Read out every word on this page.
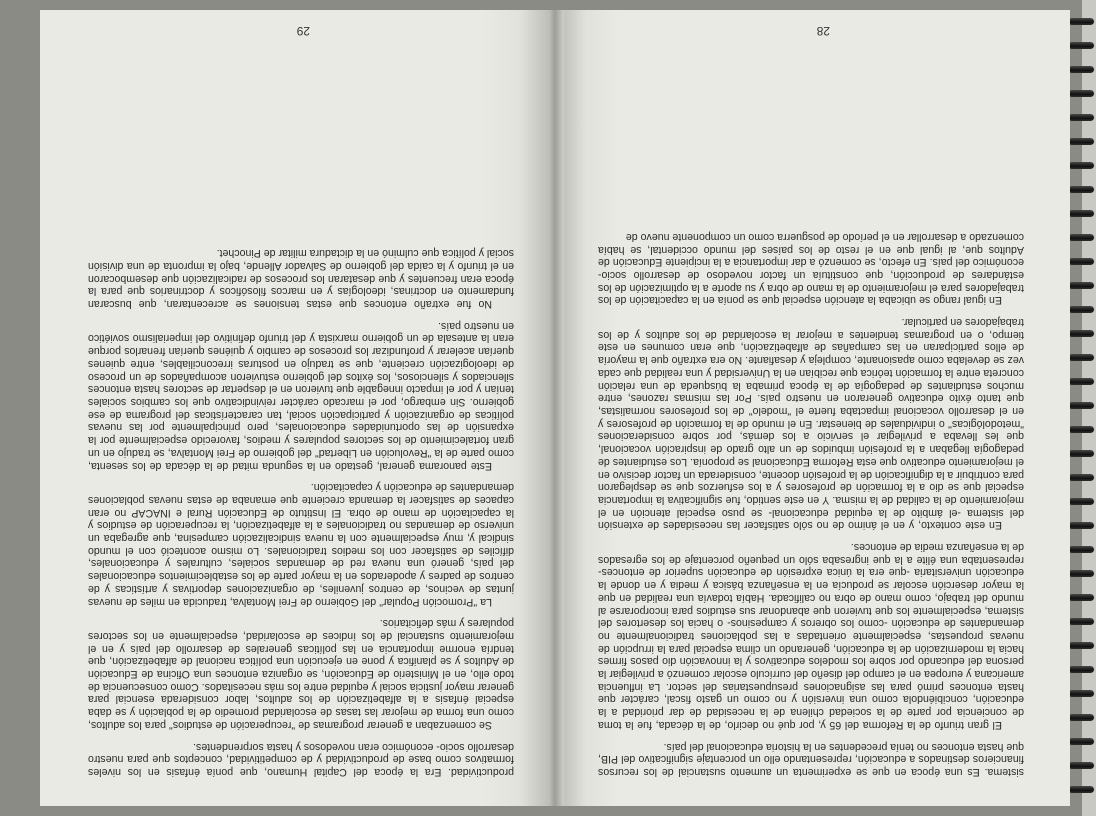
sistema. Es una época en que se experimenta un aumento sustancial de los recursos financieros destinados a educación, representando ello un porcentaje significativo del PIB, que hasta entonces no tenía precedentes en la historia educacional del país.

El gran triunfo de la Reforma del 65 y, por qué no decirlo, de la década, fue la toma de conciencia por parte de la sociedad chilena de la necesidad de dar prioridad a la educación, concibiéndola como una inversión y no como un gasto fiscal, carácter que hasta entonces primó para las asignaciones presupuestarias del sector. La influencia americana y europea en el campo del diseño del currículo escolar comenzó a privilegiar la persona del educando por sobre los modelos educativos y la innovación dio pasos firmes hacia la modernización de la educación, generando un clima especial para la irrupción de nuevas propuestas, especialmente orientadas a las poblaciones tradicionalmente no demandantes de educación -como los obreros y campesinos- o hacia los desertores del sistema, especialmente los que tuvieron que abandonar sus estudios para incorporarse al mundo del trabajo, como mano de obra no calificada. Había todavía una realidad en que la mayor deserción escolar se producía en la enseñanza básica y media y en donde la educación universitaria -que era la única expresión de educación superior de entonces- representaba una élite a la que ingresaba sólo un pequeño porcentaje de los egresados de la enseñanza media de entonces.

En este contexto, y en el ánimo de no sólo satisfacer las necesidades de extensión del sistema -el ámbito de la equidad educacional- se puso especial atención en el mejoramiento de la calidad de la misma. Y en este sentido, fue significativa la importancia especial que se dio a la formación de profesores y a los esfuerzos que se desplegaron para contribuir a la dignificación de la profesión docente, considerada un factor decisivo en el mejoramiento educativo que esta Reforma Educacional se proponía. Los estudiantes de pedagogía llegaban a la profesión imbuidos de un alto grado de inspiración vocacional, que les llevaba a privilegiar el servicio a los demás, por sobre consideraciones "metodológicas" o individuales de bienestar. En el mundo de la formación de profesores y en el desarrollo vocacional impactaba fuerte el "modelo" de los profesores normalistas, que tanto éxito educativo generaron en nuestro país. Por las mismas razones, entre muchos estudiantes de pedagogía de la época primaba la búsqueda de una relación concreta entre la formación teórica que recibían en la Universidad y una realidad que cada vez se develaba como apasionante, compleja y desafiante. No era extraño que la mayoría de ellos participaran en las campañas de alfabetización, que eran comunes en este tiempo, o en programas tendientes a mejorar la escolaridad de los adultos y de los trabajadores en particular.

En igual rango se ubicaba la atención especial que se ponía en la capacitación de los trabajadores para el mejoramiento de la mano de obra y su aporte a la optimización de los estándares de producción, que constituía un factor novedoso de desarrollo socio-económico del país. En efecto, se comenzó a dar importancia a la incipiente Educación de Adultos que, al igual que en el resto de los países del mundo occidental, se había comenzado a desarrollar en el período de posguerra como un componente nuevo de

28

productividad. Era la época del Capital Humano, que ponía énfasis en los niveles formativos como base de productividad y de competitividad, conceptos que para nuestro desarrollo socio- económico eran novedosos y hasta sorprendentes.

Se comenzaban a generar programas de "recuperación de estudios" para los adultos, como una forma de mejorar las tasas de escolaridad promedio de la población y se daba especial énfasis a la alfabetización de los adultos, labor considerada esencial para generar mayor justicia social y equidad entre los más necesitados. Como consecuencia de todo ello, en el Ministerio de Educación, se organiza entonces una Oficina de Educación de Adultos y se planifica y pone en ejecución una política nacional de alfabetización, que tendría enorme importancia en las políticas generales de desarrollo del país y en el mejoramiento sustancial de los índices de escolaridad, especialmente en los sectores populares y más deficitarios.

La "Promoción Popular" del Gobierno de Frei Montalva, traducida en miles de nuevas juntas de vecinos, de centros juveniles, de organizaciones deportivas y artísticas y de centros de padres y apoderados en la mayor parte de los establecimientos educacionales del país, generó una nueva red de demandas sociales, culturales y educacionales, difíciles de satisfacer con los medios tradicionales. Lo mismo aconteció con el mundo sindical y, muy especialmente con la nueva sindicalización campesina, que agregaba un universo de demandas no tradicionales a la alfabetización, la recuperación de estudios y la capacitación de mano de obra. El Instituto de Educación Rural e INACAP no eran capaces de satisfacer la demanda creciente que emanaba de estas nuevas poblaciones demandantes de educación y capacitación.

Este panorama general, gestado en la segunda mitad de la década de los sesenta, como parte de la "Revolución en Libertad" del gobierno de Frei Montalva, se tradujo en un gran fortalecimiento de los sectores populares y medios, favorecido especialmente por la expansión de las oportunidades educacionales, pero principalmente por las nuevas políticas de organización y participación social, tan características del programa de ese gobierno. Sin embargo, por el marcado carácter reivindicativo que los cambios sociales tenían y por el impacto innegable que tuvieron en el despertar de sectores hasta entonces silenciados y silenciosos, los éxitos del gobierno estuvieron acompañados de un proceso de ideologización creciente, que se tradujo en posturas irreconciliables, entre quienes querían acelerar y profundizar los procesos de cambio y quiénes querían frenarlos porque eran la antesala de un gobierno marxista y del triunfo definitivo del imperialismo soviético en nuestro país.

No fue extraño entonces que estas tensiones se acrecentaran, que buscaran fundamento en doctrinas, ideologías y en marcos filosóficos y doctrinarios que para la época eran frecuentes y que desataran los procesos de radicalización que desembocaron en el triunfo y la caída del gobierno de Salvador Allende, bajo la impronta de una división social y política que culminó en la dictadura militar de Pinochet.

29
